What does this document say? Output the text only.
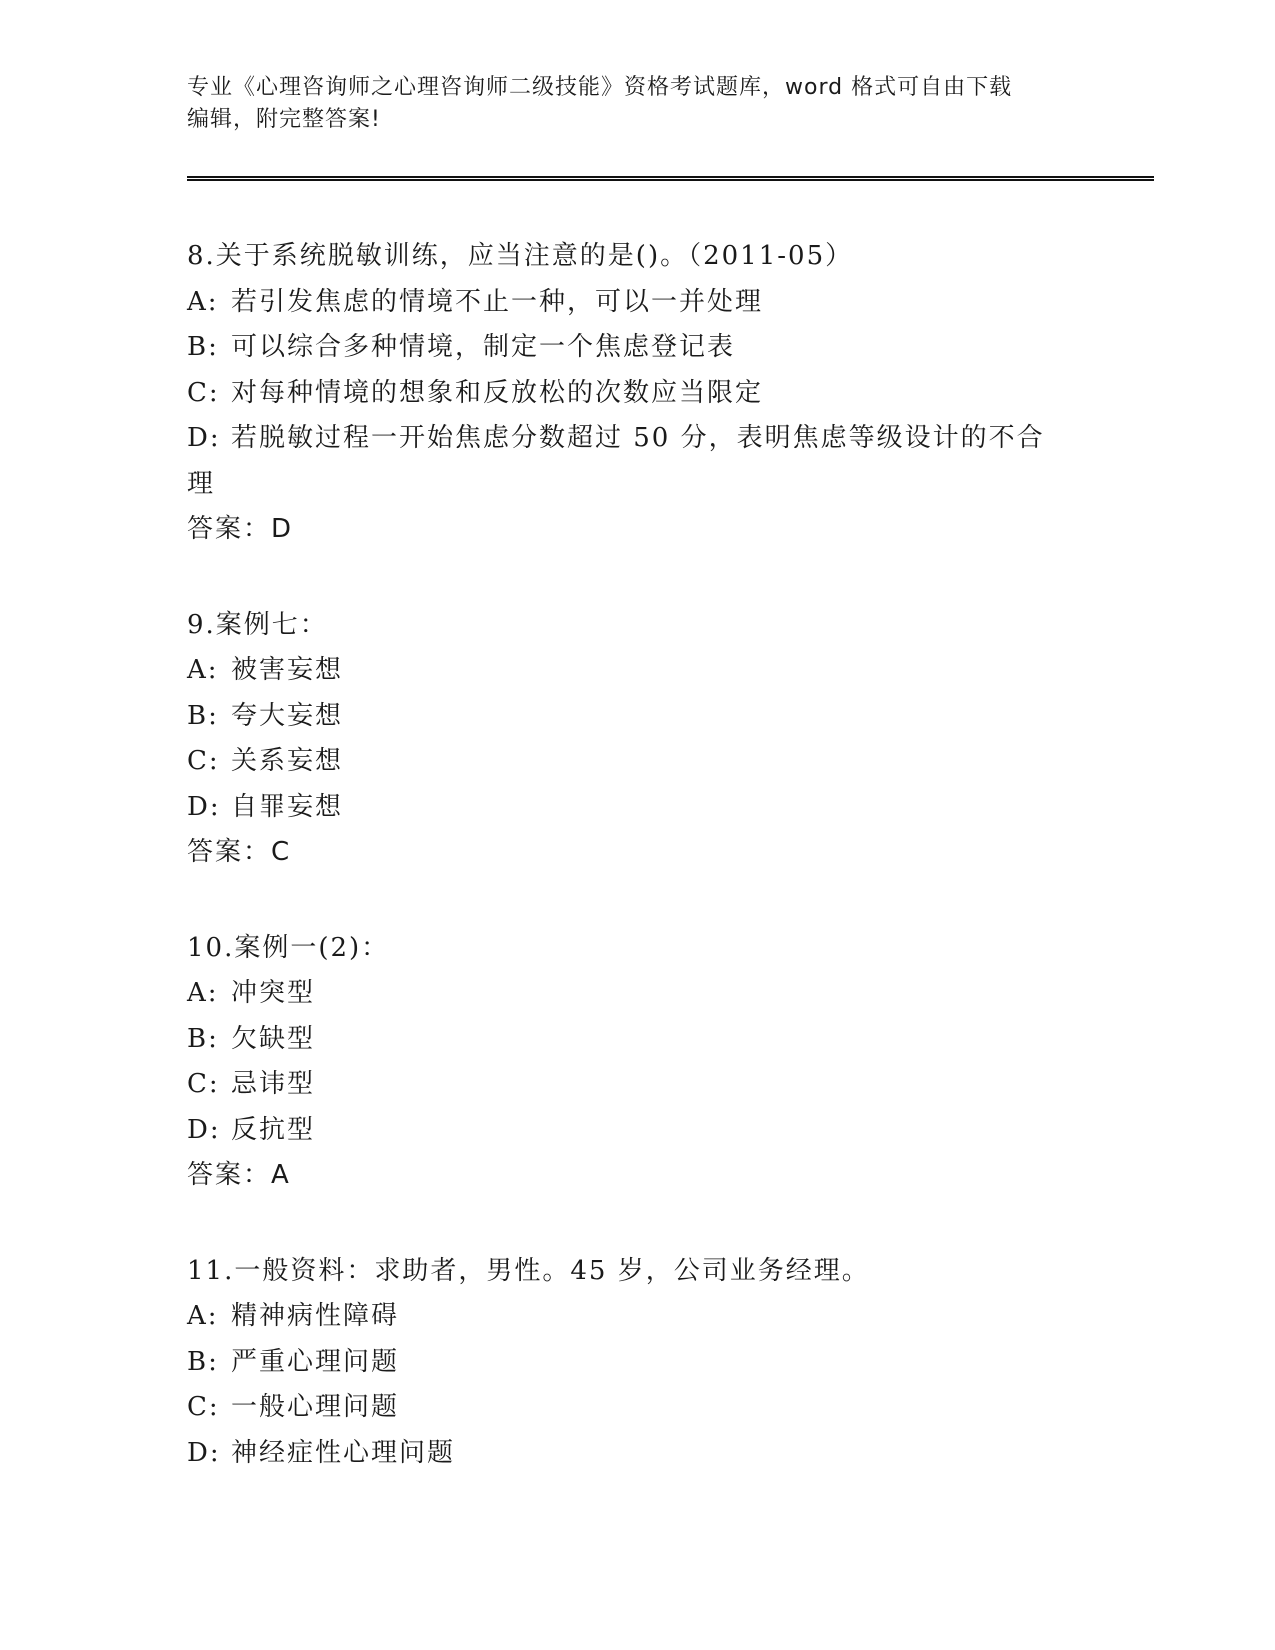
专业《心理咨询师之心理咨询师二级技能》资格考试题库，word 格式可自由下载
编辑，附完整答案!
8.关于系统脱敏训练，应当注意的是()。（2011-05）
A: 若引发焦虑的情境不止一种，可以一并处理
B: 可以综合多种情境，制定一个焦虑登记表
C: 对每种情境的想象和反放松的次数应当限定
D: 若脱敏过程一开始焦虑分数超过 50 分，表明焦虑等级设计的不合
理
答案：D
9.案例七：
A: 被害妄想
B: 夸大妄想
C: 关系妄想
D: 自罪妄想
答案：C
10.案例一(2)：
A: 冲突型
B: 欠缺型
C: 忌讳型
D: 反抗型
答案：A
11.一般资料：求助者，男性。45 岁，公司业务经理。
A: 精神病性障碍
B: 严重心理问题
C: 一般心理问题
D: 神经症性心理问题
